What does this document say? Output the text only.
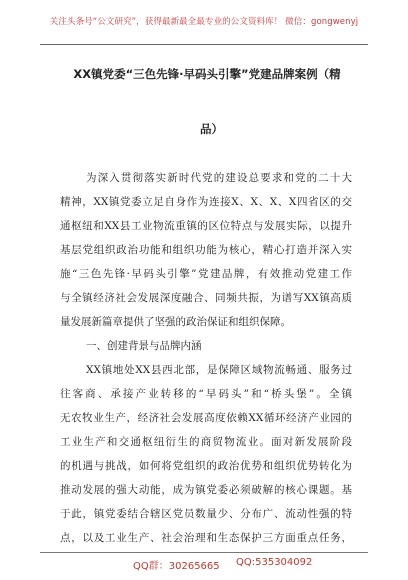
关注头条号“公文研究”，获得最新最全最专业的公文资料库！ 微信：gongwenyj
XX镇党委“三色先锋·早码头引擎”党建品牌案例（精
品）
为深入贯彻落实新时代党的建设总要求和党的二十大
精神，XX镇党委立足自身作为连接X、X、X、X四省区的交
通枢纽和XX县工业物流重镇的区位特点与发展实际，以提升
基层党组织政治功能和组织功能为核心，精心打造并深入实
施“三色先锋·早码头引擎”党建品牌，有效推动党建工作
与全镇经济社会发展深度融合、同频共振，为谱写XX镇高质
量发展新篇章提供了坚强的政治保证和组织保障。
一、创建背景与品牌内涵
XX镇地处XX县西北部，是保障区域物流畅通、服务过
往客商、承接产业转移的“早码头”和“桥头堡”。全镇
无农牧业生产，经济社会发展高度依赖XX循环经济产业园的
工业生产和交通枢纽衍生的商贸物流业。面对新发展阶段
的机遇与挑战，如何将党组织的政治优势和组织优势转化为
推动发展的强大动能，成为镇党委必须破解的核心课题。基
于此，镇党委结合辖区党员数量少、分布广、流动性强的特
点，以及工业生产、社会治理和生态保护三方面重点任务，
QQ群：30265665 QQ:535304092
